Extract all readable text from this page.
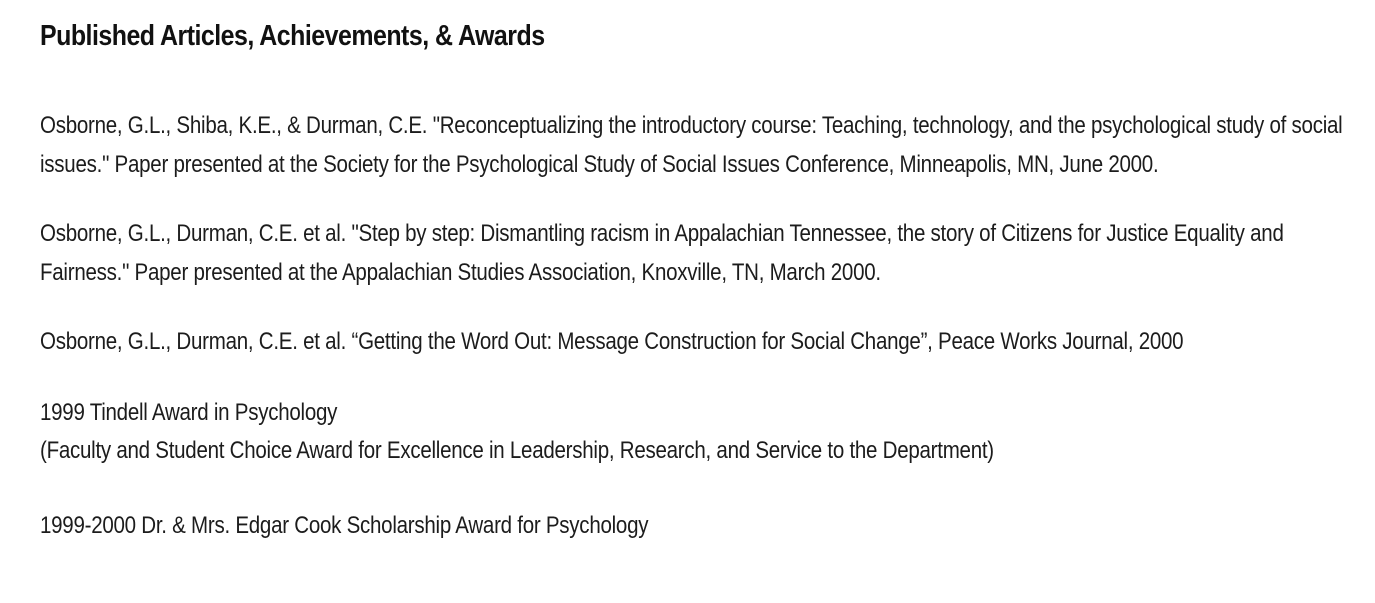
Published Articles, Achievements, & Awards

Osborne, G.L., Shiba, K.E., & Durman, C.E. "Reconceptualizing the introductory course: Teaching, technology, and the psychological study of social issues." Paper presented at the Society for the Psychological Study of Social Issues Conference, Minneapolis, MN, June 2000.

Osborne, G.L., Durman, C.E. et al. "Step by step: Dismantling racism in Appalachian Tennessee, the story of Citizens for Justice Equality and Fairness." Paper presented at the Appalachian Studies Association, Knoxville, TN, March 2000.

Osborne, G.L., Durman, C.E. et al. “Getting the Word Out: Message Construction for Social Change”, Peace Works Journal, 2000

1999 Tindell Award in Psychology
(Faculty and Student Choice Award for Excellence in Leadership, Research, and Service to the Department)

1999-2000 Dr. & Mrs. Edgar Cook Scholarship Award for Psychology
